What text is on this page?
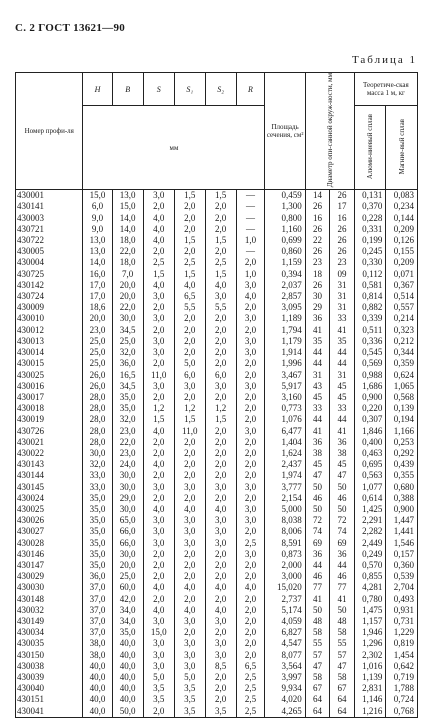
С. 2 ГОСТ 13621—90
Таблица 1
Номер профи-ля	H	B	S	S₁	S₂	R	Площадь сечения, см²	Диаметр опи-санной окруж-ности, мм		Теоретиче-ская масса 1 м, кг	

	мм									Алюми-ниевый сплав	Магние-вый сплав
430001	15,0	13,0	3,0	1,5	1,5	—	0,459	14	26	0,131	0,083
430141	6,0	15,0	2,0	2,0	2,0	—	1,300	26	17	0,370	0,234
430003	9,0	14,0	4,0	2,0	2,0	—	0,800	16	16	0,228	0,144
430721	9,0	14,0	4,0	2,0	2,0	—	1,160	26	26	0,331	0,209
430722	13,0	18,0	4,0	1,5	1,5	1,0	0,699	22	26	0,199	0,126
430005	13,0	22,0	2,0	2,0	2,0	—	0,860	26	26	0,245	0,155
430004	14,0	18,0	2,5	2,5	2,5	2,0	1,159	23	23	0,330	0,209
430725	16,0	7,0	1,5	1,5	1,5	1,0	0,394	18	09	0,112	0,071
430142	17,0	20,0	4,0	4,0	4,0	3,0	2,037	26	31	0,581	0,367
430724	17,0	20,0	3,0	6,5	3,0	4,0	2,857	30	31	0,814	0,514
430009	18,6	22,0	2,0	5,5	5,5	2,0	3,095	29	31	0,882	0,557
430010	20,0	30,0	3,0	2,0	2,0	3,0	1,189	36	33	0,339	0,214
430012	23,0	34,5	2,0	2,0	2,0	2,0	1,794	41	41	0,511	0,323
430013	25,0	25,0	3,0	2,0	2,0	3,0	1,179	35	35	0,336	0,212
430014	25,0	32,0	3,0	2,0	2,0	3,0	1,914	44	44	0,545	0,344
430015	25,0	36,0	2,0	5,0	2,0	2,0	1,996	44	44	0,569	0,359
430025	26,0	16,5	11,0	6,0	6,0	2,0	3,467	31	31	0,988	0,624
430016	26,0	34,5	3,0	3,0	3,0	3,0	5,917	43	45	1,686	1,065
430017	28,0	35,0	2,0	2,0	2,0	2,0	3,160	45	45	0,900	0,568
430018	28,0	35,0	1,2	1,2	1,2	2,0	0,773	33	33	0,220	0,139
430019	28,0	32,0	1,5	1,5	1,5	2,0	1,076	44	44	0,307	0,194
430726	28,0	23,0	4,0	11,0	2,0	3,0	6,477	41	41	1,846	1,166
430021	28,0	22,0	2,0	2,0	2,0	2,0	1,404	36	36	0,400	0,253
430022	30,0	23,0	2,0	2,0	2,0	2,0	1,624	38	38	0,463	0,292
430143	32,0	24,0	4,0	2,0	2,0	2,0	2,437	45	45	0,695	0,439
430144	33,0	30,0	2,0	2,0	2,0	2,0	1,974	47	47	0,563	0,355
430145	33,0	30,0	3,0	3,0	3,0	3,0	3,777	50	50	1,077	0,680
430024	35,0	29,0	2,0	2,0	2,0	2,0	2,154	46	46	0,614	0,388
430025	35,0	30,0	4,0	4,0	4,0	3,0	5,000	50	50	1,425	0,900
430026	35,0	65,0	3,0	3,0	3,0	3,0	8,038	72	72	2,291	1,447
430027	35,0	66,0	3,0	3,0	3,0	2,0	8,006	74	74	2,282	1,441
430028	35,0	66,0	3,0	3,0	3,0	2,5	8,591	69	69	2,449	1,546
430146	35,0	30,0	2,0	2,0	2,0	3,0	0,873	36	36	0,249	0,157
430147	35,0	20,0	2,0	2,0	2,0	2,0	2,000	44	44	0,570	0,360
430029	36,0	25,0	2,0	2,0	2,0	2,0	3,000	46	46	0,855	0,539
430030	37,0	60,0	4,0	4,0	4,0	4,0	15,020	77	77	4,281	2,704
430148	37,0	42,0	2,0	2,0	2,0	2,0	2,737	41	41	0,780	0,493
430032	37,0	34,0	4,0	4,0	4,0	2,0	5,174	50	50	1,475	0,931
430149	37,0	34,0	3,0	3,0	3,0	2,0	4,059	48	48	1,157	0,731
430034	37,0	35,0	15,0	2,0	2,0	2,0	6,827	58	58	1,946	1,229
430035	38,0	40,0	3,0	3,0	3,0	2,0	4,547	55	55	1,296	0,819
430150	38,0	40,0	3,0	3,0	3,0	2,0	8,077	57	57	2,302	1,454
430038	40,0	40,0	3,0	3,0	8,5	6,5	3,564	47	47	1,016	0,642
430039	40,0	40,0	5,0	5,0	2,0	2,5	3,997	58	58	1,139	0,719
430040	40,0	40,0	3,5	3,5	2,0	2,5	9,934	67	67	2,831	1,788
430151	40,0	40,0	3,5	3,5	2,0	2,5	4,020	64	64	1,146	0,724
430041	40,0	50,0	2,0	3,5	3,5	2,5	4,265	64	64	1,216	0,768
